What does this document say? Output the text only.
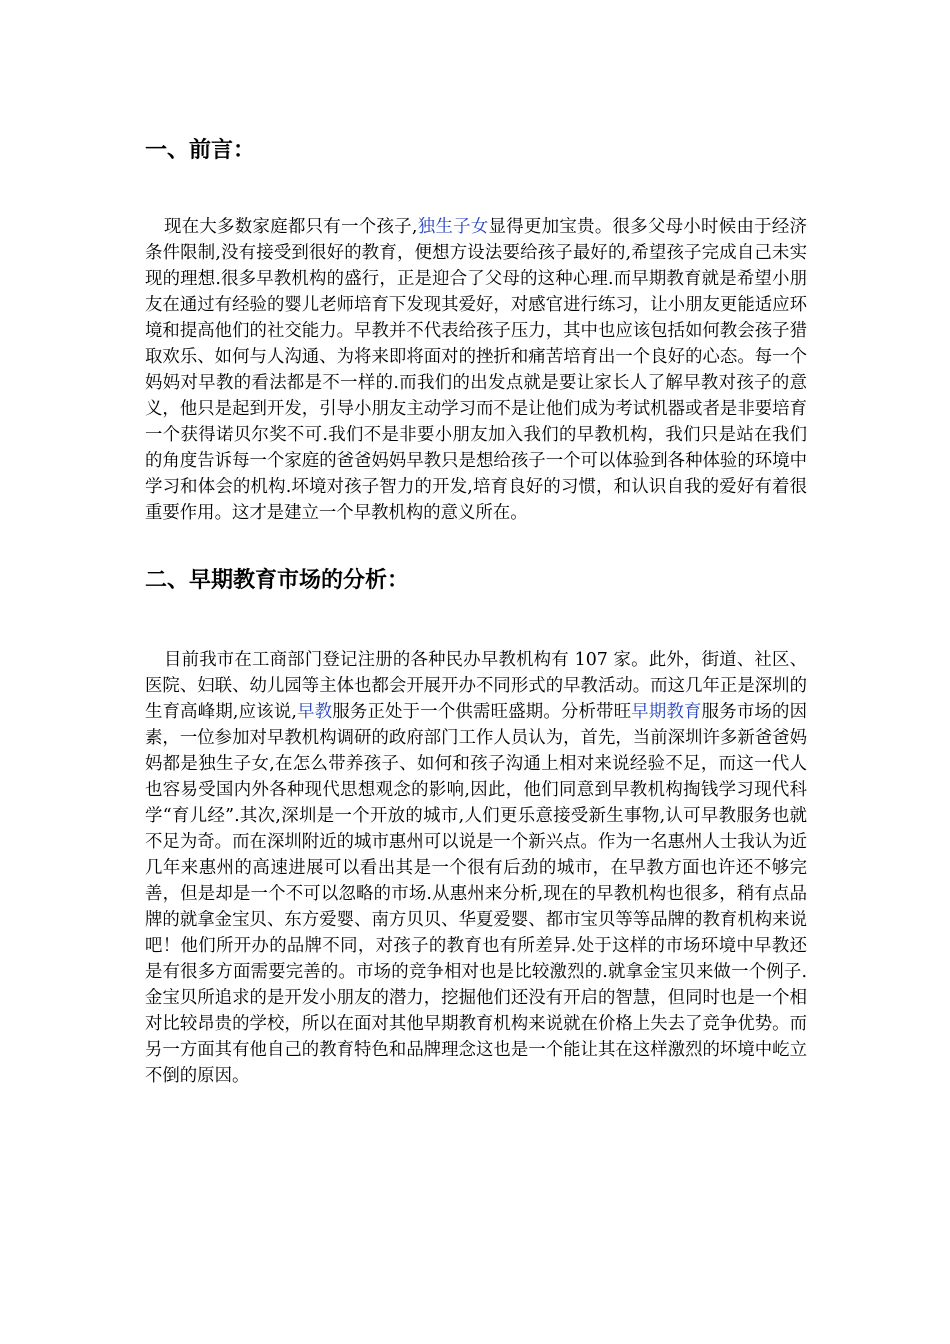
一、前言：

现在大多数家庭都只有一个孩子,独生子女显得更加宝贵。很多父母小时候由于经济条件限制,没有接受到很好的教育，便想方设法要给孩子最好的,希望孩子完成自己未实现的理想.很多早教机构的盛行，正是迎合了父母的这种心理.而早期教育就是希望小朋友在通过有经验的婴儿老师培育下发现其爱好，对感官进行练习，让小朋友更能适应环境和提高他们的社交能力。早教并不代表给孩子压力，其中也应该包括如何教会孩子猎取欢乐、如何与人沟通、为将来即将面对的挫折和痛苦培育出一个良好的心态。每一个妈妈对早教的看法都是不一样的.而我们的出发点就是要让家长人了解早教对孩子的意义，他只是起到开发，引导小朋友主动学习而不是让他们成为考试机器或者是非要培育一个获得诺贝尔奖不可.我们不是非要小朋友加入我们的早教机构，我们只是站在我们的角度告诉每一个家庭的爸爸妈妈早教只是想给孩子一个可以体验到各种体验的环境中学习和体会的机构.坏境对孩子智力的开发,培育良好的习惯，和认识自我的爱好有着很重要作用。这才是建立一个早教机构的意义所在。

二、早期教育市场的分析：

目前我市在工商部门登记注册的各种民办早教机构有 107 家。此外，街道、社区、医院、妇联、幼儿园等主体也都会开展开办不同形式的早教活动。而这几年正是深圳的生育高峰期,应该说,早教服务正处于一个供需旺盛期。分析带旺早期教育服务市场的因素，一位参加对早教机构调研的政府部门工作人员认为，首先，当前深圳许多新爸爸妈妈都是独生子女,在怎么带养孩子、如何和孩子沟通上相对来说经验不足，而这一代人也容易受国内外各种现代思想观念的影响,因此，他们同意到早教机构掏钱学习现代科学“育儿经”.其次,深圳是一个开放的城市,人们更乐意接受新生事物,认可早教服务也就不足为奇。而在深圳附近的城市惠州可以说是一个新兴点。作为一名惠州人士我认为近几年来惠州的高速进展可以看出其是一个很有后劲的城市，在早教方面也许还不够完善，但是却是一个不可以忽略的市场.从惠州来分析,现在的早教机构也很多，稍有点品牌的就拿金宝贝、东方爱婴、南方贝贝、华夏爱婴、都市宝贝等等品牌的教育机构来说吧！他们所开办的品牌不同，对孩子的教育也有所差异.处于这样的市场环境中早教还是有很多方面需要完善的。市场的竞争相对也是比较激烈的.就拿金宝贝来做一个例子.金宝贝所追求的是开发小朋友的潜力，挖掘他们还没有开启的智慧，但同时也是一个相对比较昂贵的学校，所以在面对其他早期教育机构来说就在价格上失去了竞争优势。而另一方面其有他自己的教育特色和品牌理念这也是一个能让其在这样激烈的坏境中屹立不倒的原因。
